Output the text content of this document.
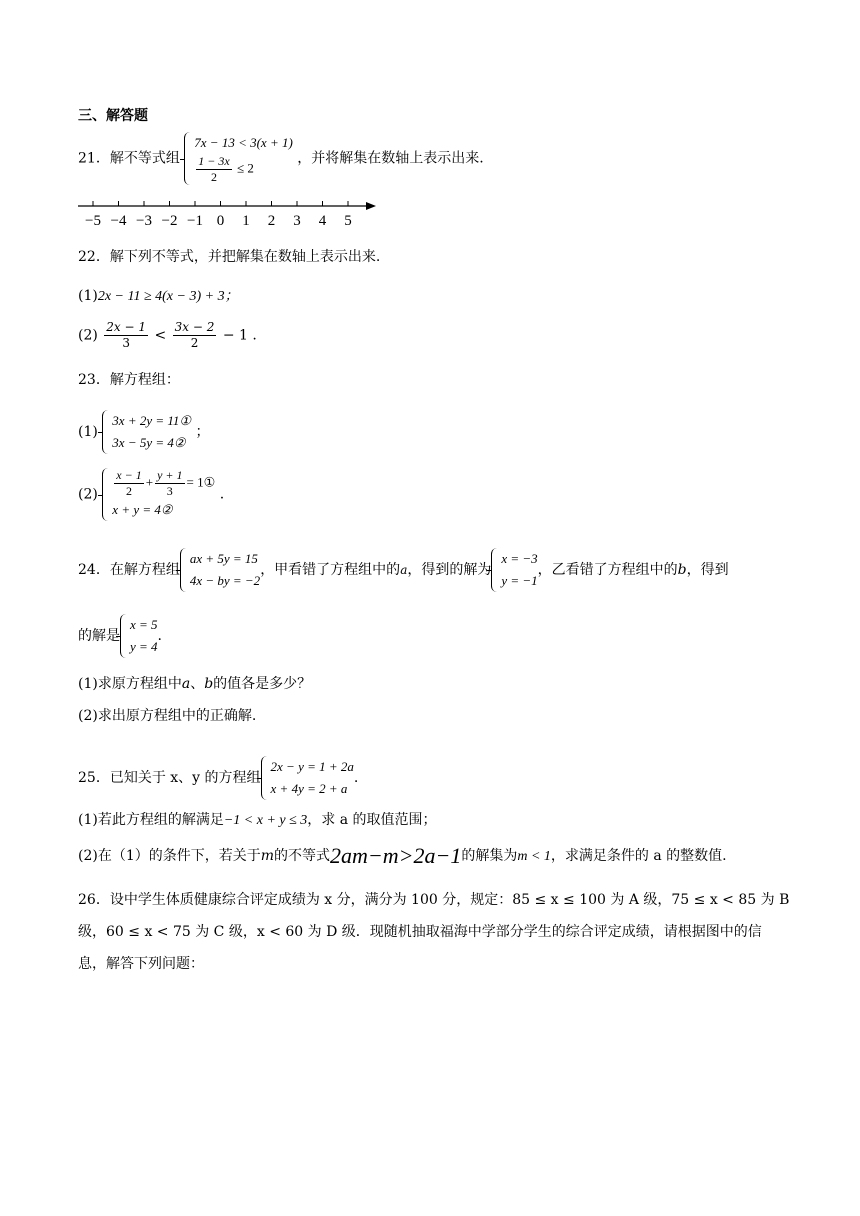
三、解答题
21．解不等式组
7x − 13 < 3(x + 1)
$\frac{1 - 3x}{2} \le 2$
，并将解集在数轴上表示出来.
−5 −4 −3 −2 −1 0 1 2 3 4 5
22．解下列不等式，并把解集在数轴上表示出来.
(1)2x − 11 ≥ 4(x − 3) + 3；
$(2) \frac{2x - 1}{3} < \frac{3x - 2}{2} - 1$ .
23．解方程组：
(1)
3x + 2y = 11①
3x − 5y = 4②
；
$(2) \frac{x - 1}{2} + \frac{y + 1}{3}$ = 1①
x + y = 4②
.
24．在解方程组
ax + 5y = 15
4x − by = −2
，甲看错了方程组中的a，得到的解为
x = −3
y = −1
，乙看错了方程组中的b，得到
的解是
x = 5
y = 4
.
(1)求原方程组中a、b的值各是多少？
(2)求出原方程组中的正确解.
25．已知关于 x、y 的方程组
2x − y = 1 + 2a
x + 4y = 2 + a
.
(1)若此方程组的解满足−1 < x + y ≤ 3，求 a 的取值范围；
(2)在（1）的条件下，若关于m的不等式2am−m>2a−1的解集为m < 1，求满足条件的 a 的整数值.
26．设中学生体质健康综合评定成绩为 x 分，满分为 100 分，规定：85 ≤ x ≤ 100 为 A 级，75 ≤ x < 85 为 B
级，60 ≤ x < 75 为 C 级，x < 60 为 D 级．现随机抽取福海中学部分学生的综合评定成绩，请根据图中的信
息，解答下列问题：
